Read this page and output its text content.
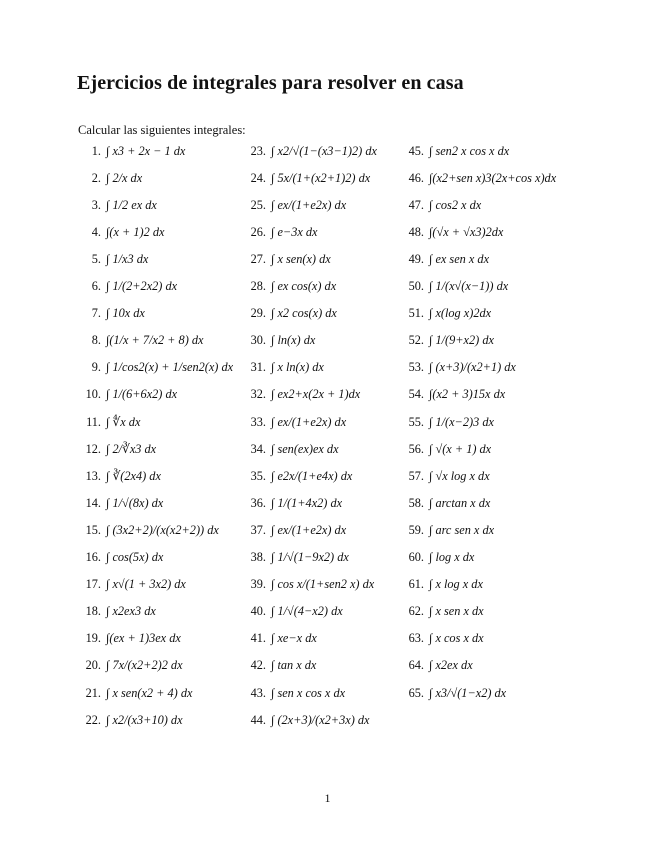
Ejercicios de integrales para resolver en casa

Calcular las siguientes integrales:

1. ∫ x3 + 2x − 1 dx
2. ∫ 2/x dx
3. ∫ 1/2 ex dx
4. ∫(x + 1)2 dx
5. ∫ 1/x3 dx
6. ∫ 1/(2+2x2) dx
7. ∫ 10x dx
8. ∫(1/x + 7/x2 + 8) dx
9. ∫ 1/cos2(x) + 1/sen2(x) dx
10. ∫ 1/(6+6x2) dx
11. ∫ ∜x dx
12. ∫ 2/∛x3 dx
13. ∫ ∛(2x4) dx
14. ∫ 1/√(8x) dx
15. ∫ (3x2+2)/(x(x2+2)) dx
16. ∫ cos(5x) dx
17. ∫ x√(1 + 3x2) dx
18. ∫ x2ex3 dx
19. ∫(ex + 1)3ex dx
20. ∫ 7x/(x2+2)2 dx
21. ∫ x sen(x2 + 4) dx
22. ∫ x2/(x3+10) dx
23. ∫ x2/√(1−(x3−1)2) dx
24. ∫ 5x/(1+(x2+1)2) dx
25. ∫ ex/(1+e2x) dx
26. ∫ e−3x dx
27. ∫ x sen(x) dx
28. ∫ ex cos(x) dx
29. ∫ x2 cos(x) dx
30. ∫ ln(x) dx
31. ∫ x ln(x) dx
32. ∫ ex2+x(2x + 1)dx
33. ∫ ex/(1+e2x) dx
34. ∫ sen(ex)ex dx
35. ∫ e2x/(1+e4x) dx
36. ∫ 1/(1+4x2) dx
37. ∫ ex/(1+e2x) dx
38. ∫ 1/√(1−9x2) dx
39. ∫ cos x/(1+sen2 x) dx
40. ∫ 1/√(4−x2) dx
41. ∫ xe−x dx
42. ∫ tan x dx
43. ∫ sen x cos x dx
44. ∫ (2x+3)/(x2+3x) dx
45. ∫ sen2 x cos x dx
46. ∫(x2+sen x)3(2x+cos x)dx
47. ∫ cos2 x dx
48. ∫(√x + √x3)2dx
49. ∫ ex sen x dx
50. ∫ 1/(x√(x−1)) dx
51. ∫ x(log x)2dx
52. ∫ 1/(9+x2) dx
53. ∫ (x+3)/(x2+1) dx
54. ∫(x2 + 3)15x dx
55. ∫ 1/(x−2)3 dx
56. ∫ √(x + 1) dx
57. ∫ √x log x dx
58. ∫ arctan x dx
59. ∫ arc sen x dx
60. ∫ log x dx
61. ∫ x log x dx
62. ∫ x sen x dx
63. ∫ x cos x dx
64. ∫ x2ex dx
65. ∫ x3/√(1−x2) dx
1
